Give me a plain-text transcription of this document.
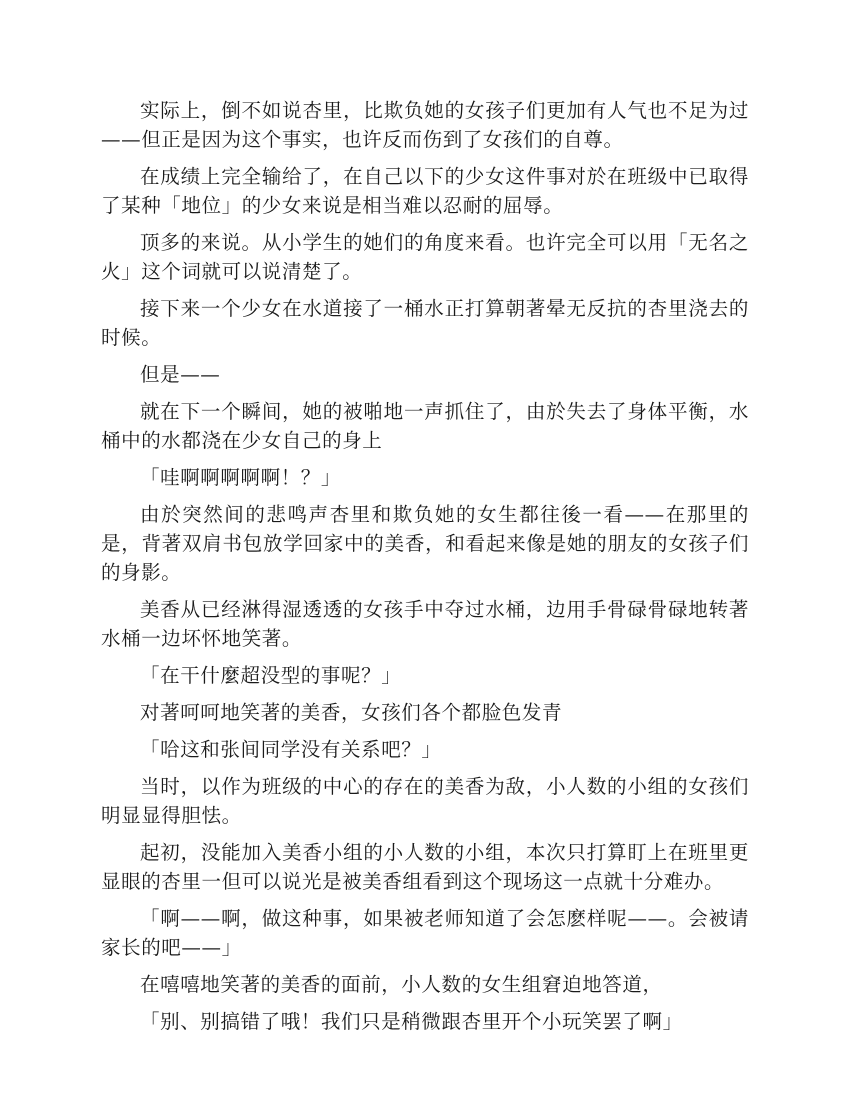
实际上，倒不如说杏里，比欺负她的女孩子们更加有人气也不足为过——但正是因为这个事实，也许反而伤到了女孩们的自尊。

在成绩上完全输给了，在自己以下的少女这件事对於在班级中已取得了某种「地位」的少女来说是相当难以忍耐的屈辱。

顶多的来说。从小学生的她们的角度来看。也许完全可以用「无名之火」这个词就可以说清楚了。

接下来一个少女在水道接了一桶水正打算朝著晕无反抗的杏里浇去的时候。

但是——

就在下一个瞬间，她的被啪地一声抓住了，由於失去了身体平衡，水桶中的水都浇在少女自己的身上

「哇啊啊啊啊啊！？」

由於突然间的悲鸣声杏里和欺负她的女生都往後一看——在那里的是，背著双肩书包放学回家中的美香，和看起来像是她的朋友的女孩子们的身影。

美香从已经淋得湿透透的女孩手中夺过水桶，边用手骨碌骨碌地转著水桶一边坏怀地笑著。

「在干什麼超没型的事呢？」

对著呵呵地笑著的美香，女孩们各个都脸色发青

「哈这和张间同学没有关系吧？」

当时，以作为班级的中心的存在的美香为敌，小人数的小组的女孩们明显显得胆怯。

起初，没能加入美香小组的小人数的小组，本次只打算盯上在班里更显眼的杏里一但可以说光是被美香组看到这个现场这一点就十分难办。

「啊——啊，做这种事，如果被老师知道了会怎麽样呢——。会被请家长的吧——」

在嘻嘻地笑著的美香的面前，小人数的女生组窘迫地答道，

「别、别搞错了哦！我们只是稍微跟杏里开个小玩笑罢了啊」
